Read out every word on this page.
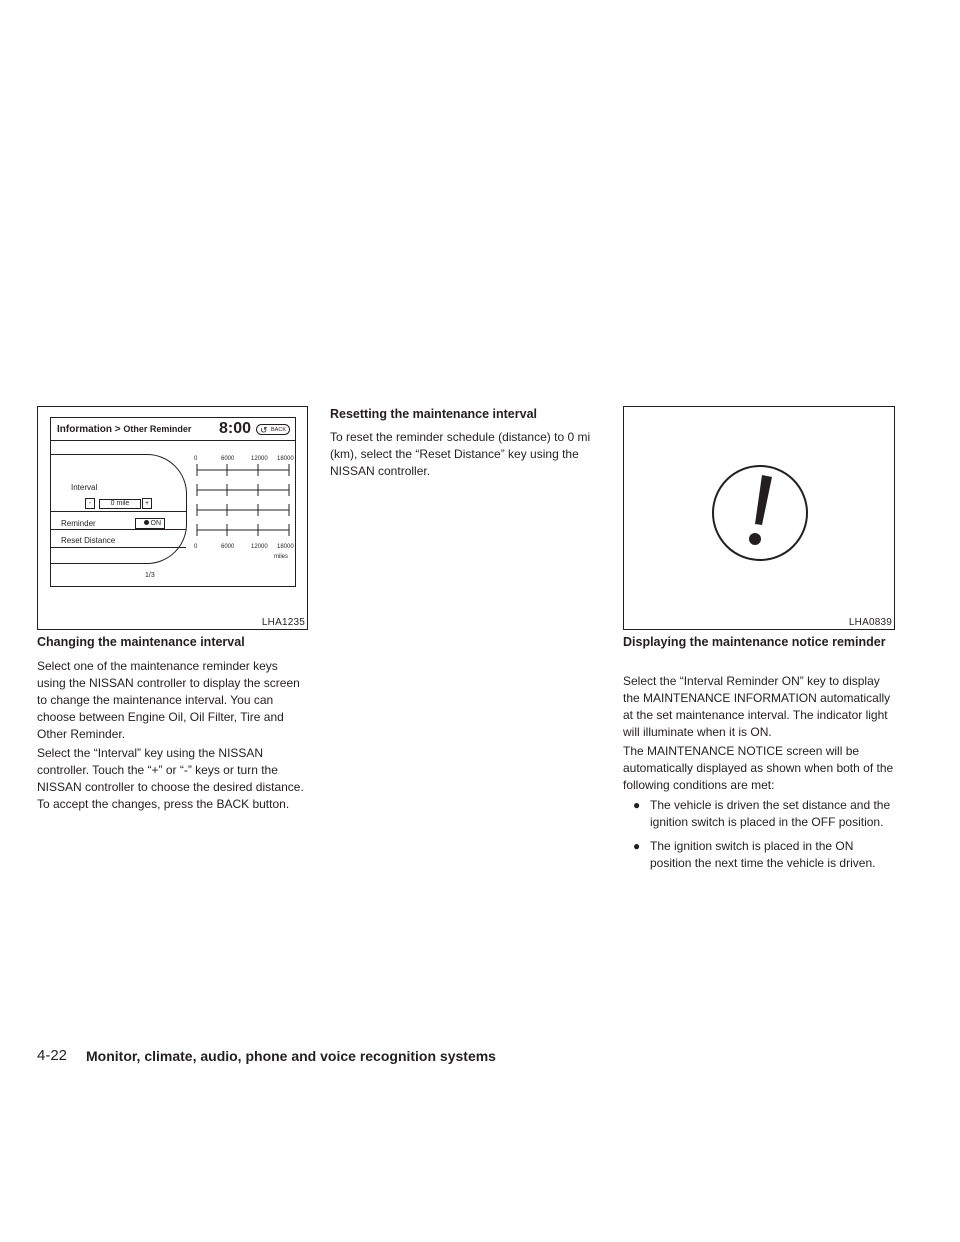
Information > Other Reminder 8:00 ↺ BACK
Interval
-	0 mile	+
Reminder	ON
Reset Distance
0	6000	12000 18000
0	6000	12000 18000
miles
1/3
LHA1235	LHA0839
Changing the maintenance interval

Select one of the maintenance reminder keys using the NISSAN controller to display the screen to change the maintenance interval. You can choose between Engine Oil, Oil Filter, Tire and Other Reminder.

Select the “Interval” key using the NISSAN controller. Touch the “+” or “-” keys or turn the NISSAN controller to choose the desired distance. To accept the changes, press the BACK button.

Resetting the maintenance interval

To reset the reminder schedule (distance) to 0 mi (km), select the “Reset Distance” key using the NISSAN controller.

Displaying the maintenance notice reminder

Select the “Interval Reminder ON” key to display the MAINTENANCE INFORMATION automatically at the set maintenance interval. The indicator light will illuminate when it is ON.

The MAINTENANCE NOTICE screen will be automatically displayed as shown when both of the following conditions are met:

● The vehicle is driven the set distance and the ignition switch is placed in the OFF position.
● The ignition switch is placed in the ON position the next time the vehicle is driven.
4-22 Monitor, climate, audio, phone and voice recognition systems
